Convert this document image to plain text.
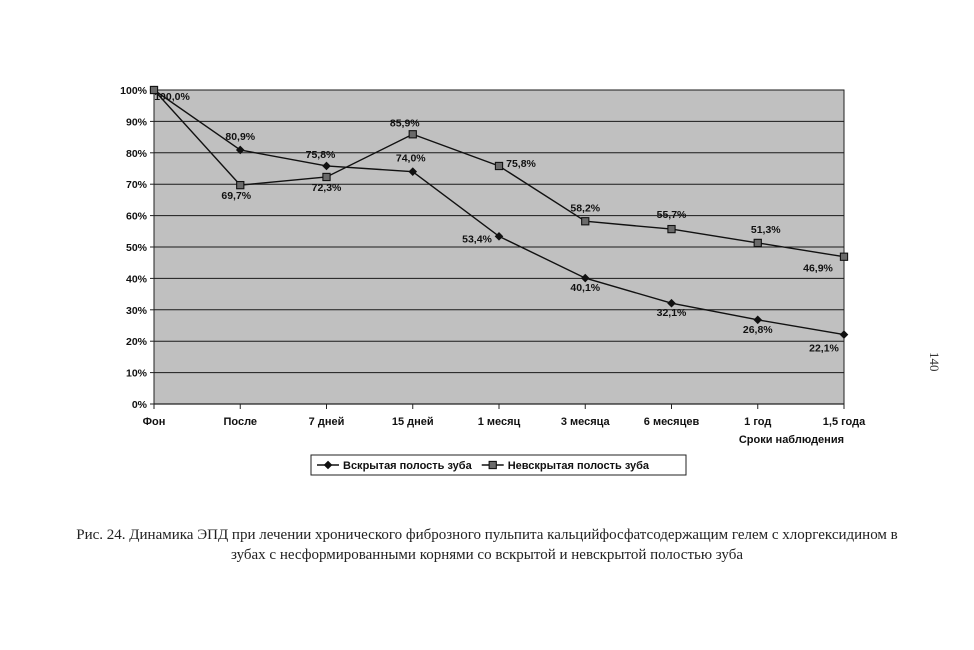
0%
10%
20%
30%
40%
50%
60%
70%
80%
90%
100%
Фон	После	7 дней	15 дней	1 месяц	3 месяца	6 месяцев	1 год	1,5 года
100,0%
80,9%
75,8%	74,0%
53,4%
40,1%
32,1%
26,8%
22,1%
69,7%
72,3%
85,9%
75,8%
58,2%
55,7%
51,3%
46,9%
Сроки наблюдения
Вскрытая полость зуба	Невскрытая полость зуба
Рис. 24. Динамика ЭПД при лечении хронического фиброзного пульпита кальцийфосфатсодержащим гелем с хлоргексидином в зубах с несформированными корнями со вскрытой и невскрытой полостью зуба
140
